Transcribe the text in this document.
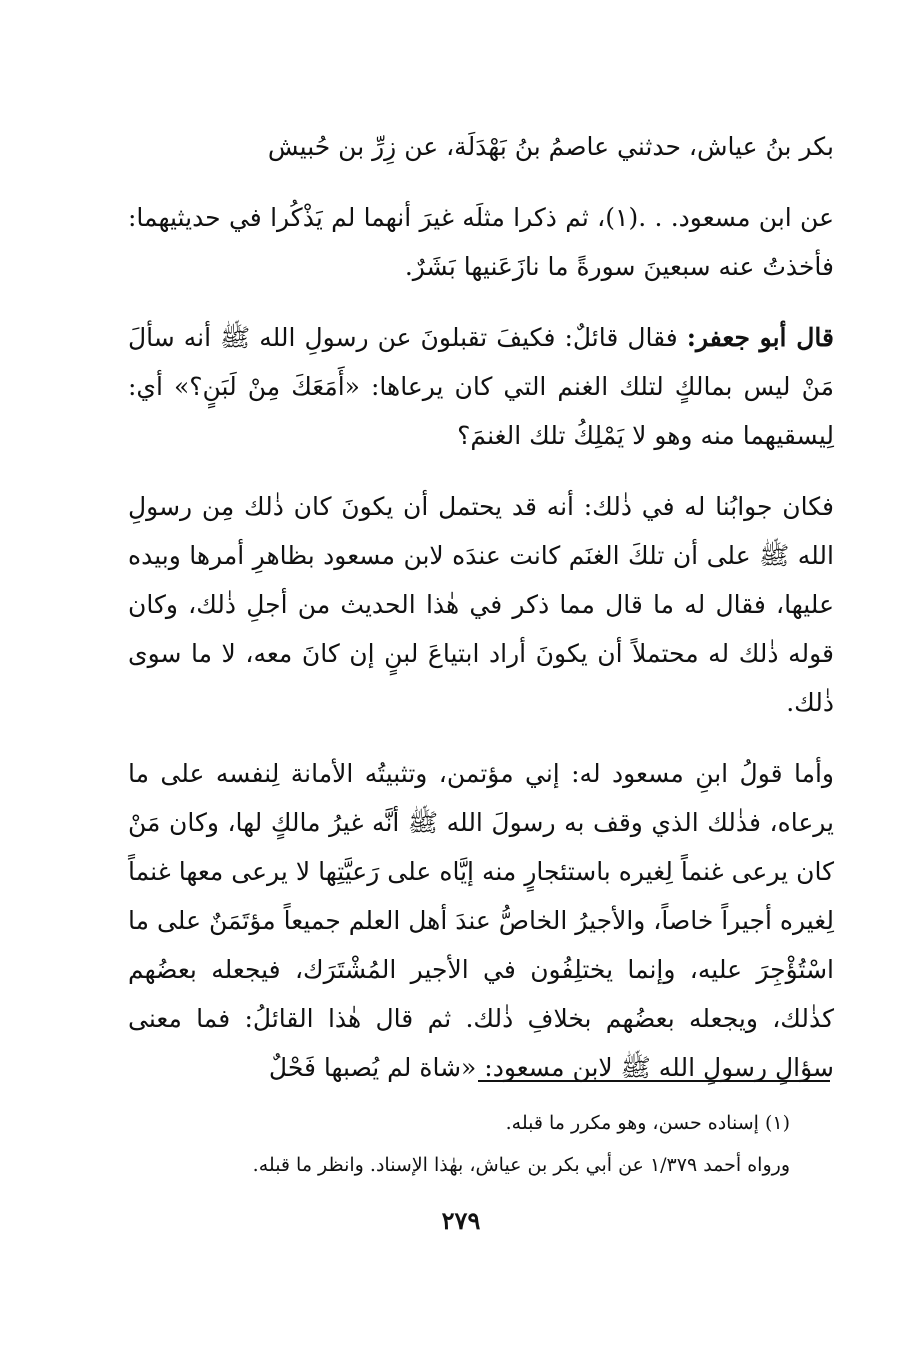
بكر بنُ عياش، حدثني عاصمُ بنُ بَهْدَلَة، عن زِرِّ بن حُبيش

عن ابن مسعود. . .(١)، ثم ذكرا مثلَه غيرَ أنهما لم يَذْكُرا في حديثيهما: فأخذتُ عنه سبعينَ سورةً ما نازَعَنيها بَشَرٌ.

قال أبو جعفر: فقال قائلٌ: فكيفَ تقبلونَ عن رسولِ الله ﷺ أنه سألَ مَنْ ليس بمالكٍ لتلك الغنم التي كان يرعاها: «أَمَعَكَ مِنْ لَبَنٍ؟» أي: لِيسقيهما منه وهو لا يَمْلِكُ تلك الغنمَ؟

فكان جوابُنا له في ذٰلك: أنه قد يحتمل أن يكونَ كان ذٰلك مِن رسولِ الله ﷺ على أن تلكَ الغنَم كانت عندَه لابن مسعود بظاهرِ أمرها وبيده عليها، فقال له ما قال مما ذكر في هٰذا الحديث من أجلِ ذٰلك، وكان قوله ذٰلك له محتملاً أن يكونَ أراد ابتياعَ لبنٍ إن كانَ معه، لا ما سوى ذٰلك.

وأما قولُ ابنِ مسعود له: إني مؤتمن، وتثبيتُه الأمانة لِنفسه على ما يرعاه، فذٰلك الذي وقف به رسولَ الله ﷺ أنَّه غيرُ مالكٍ لها، وكان مَنْ كان يرعى غنماً لِغيره باستئجارٍ منه إيَّاه على رَعيَّتِها لا يرعى معها غنماً لِغيره أجيراً خاصاً، والأجيرُ الخاصُّ عندَ أهل العلم جميعاً مؤتَمَنٌ على ما اسْتُؤْجِرَ عليه، وإنما يختلِفُون في الأجير المُشْتَرَك، فيجعله بعضُهم كذٰلك، ويجعله بعضُهم بخلافِ ذٰلك. ثم قال هٰذا القائلُ: فما معنى سؤالِ رسولِ الله ﷺ لابن مسعود: «شاة لم يُصبها فَحْلٌ

(١) إسناده حسن، وهو مكرر ما قبله.

ورواه أحمد ١/٣٧٩ عن أبي بكر بن عياش، بهٰذا الإسناد. وانظر ما قبله.

٢٧٩
